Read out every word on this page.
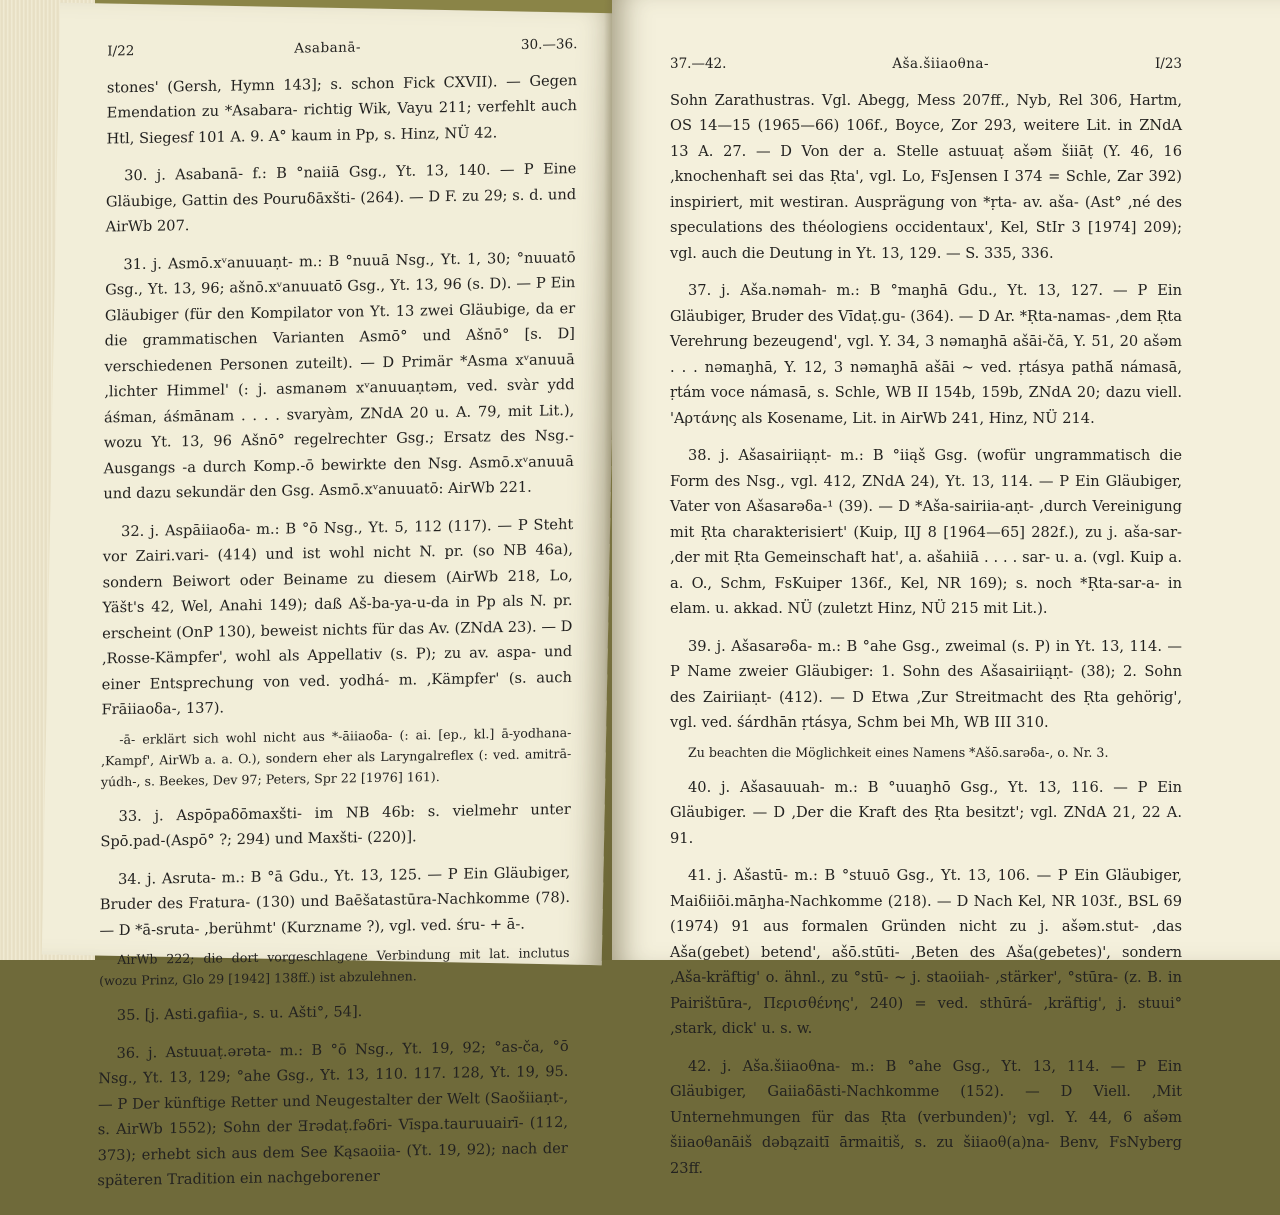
I/22	Asabanā-	30.—36.

stones' (Gersh, Hymn 143]; s. schon Fick CXVII). — Gegen Emendation zu *Asabara- richtig Wik, Vayu 211; verfehlt auch Htl, Siegesf 101 A. 9. A° kaum in Pp, s. Hinz, NÜ 42.

30. j. Asabanā- f.: B °naiiā Gsg., Yt. 13, 140. — P Eine Gläubige, Gattin des Pouruδāxšti- (264). — D F. zu 29; s. d. und AirWb 207.

31. j. Asmō.xᵛanuuaṇt- m.: B °nuuā Nsg., Yt. 1, 30; °nuuatō Gsg., Yt. 13, 96; ašnō.xᵛanuuatō Gsg., Yt. 13, 96 (s. D). — P Ein Gläubiger (für den Kompilator von Yt. 13 zwei Gläubige, da er die grammatischen Varianten Asmō° und Ašnō° [s. D] verschiedenen Personen zuteilt). — D Primär *Asma xᵛanuuā ‚lichter Himmel' (: j. asmanəm xᵛanuuaṇtəm, ved. svàr ydd áśman, áśmānam . . . . svaryàm, ZNdA 20 u. A. 79, mit Lit.), wozu Yt. 13, 96 Ašnō° regelrechter Gsg.; Ersatz des Nsg.-Ausgangs -a durch Komp.-ō bewirkte den Nsg. Asmō.xᵛanuuā und dazu sekundär den Gsg. Asmō.xᵛanuuatō: AirWb 221.

32. j. Aspāiiaoδa- m.: B °ō Nsg., Yt. 5, 112 (117). — P Steht vor Zairi.vari- (414) und ist wohl nicht N. pr. (so NB 46a), sondern Beiwort oder Beiname zu diesem (AirWb 218, Lo, Yäšt's 42, Wel, Anahi 149); daß Aš-ba-ya-u-da in Pp als N. pr. erscheint (OnP 130), beweist nichts für das Av. (ZNdA 23). — D ‚Rosse-Kämpfer', wohl als Appellativ (s. P); zu av. aspa- und einer Entsprechung von ved. yodhá- m. ‚Kämpfer' (s. auch Frāiiaoδa-, 137).

-ā- erklärt sich wohl nicht aus *-āiiaoδa- (: ai. [ep., kl.] ā-yodhana- ‚Kampf', AirWb a. a. O.), sondern eher als Laryngalreflex (: ved. amitrā-yúdh-, s. Beekes, Dev 97; Peters, Spr 22 [1976] 161).

33. j. Aspōpaδōmaxšti- im NB 46b: s. vielmehr unter Spō.pad-(Aspō° ?; 294) und Maxšti- (220)].

34. j. Asruta- m.: B °ā Gdu., Yt. 13, 125. — P Ein Gläubiger, Bruder des Fratura- (130) und Baēšatastūra-Nachkomme (78). — D *ā-sruta- ‚berühmt' (Kurzname ?), vgl. ved. śru- + ā-.

AirWb 222; die dort vorgeschlagene Verbindung mit lat. inclutus (wozu Prinz, Glo 29 [1942] 138ff.) ist abzulehnen.

35. [j. Asti.gafiia-, s. u. Ašti°, 54].

36. j. Astuuaṭ.ərəta- m.: B °ō Nsg., Yt. 19, 92; °as-ča, °ō Nsg., Yt. 13, 129; °ahe Gsg., Yt. 13, 110. 117. 128, Yt. 19, 95. — P Der künftige Retter und Neugestalter der Welt (Saošiiaṇt-, s. AirWb 1552); Sohn der Ǝrədaṭ.fəδri- Vīspa.tauruuairī- (112, 373); erhebt sich aus dem See Kąsaoiia- (Yt. 19, 92); nach der späteren Tradition ein nachgeborener

37.—42.	Aša.šiiaoθna-	I/23

Sohn Zarathustras. Vgl. Abegg, Mess 207ff., Nyb, Rel 306, Hartm, OS 14—15 (1965—66) 106f., Boyce, Zor 293, weitere Lit. in ZNdA 13 A. 27. — D Von der a. Stelle astuuaṭ ašəm šiiāṭ (Y. 46, 16 ‚knochenhaft sei das Ṛta', vgl. Lo, FsJensen I 374 = Schle, Zar 392) inspiriert, mit westiran. Ausprägung von *ṛta- av. aša- (Ast° ‚né des speculations des théologiens occidentaux', Kel, StIr 3 [1974] 209); vgl. auch die Deutung in Yt. 13, 129. — S. 335, 336.

37. j. Aša.nəmah- m.: B °maŋhā Gdu., Yt. 13, 127. — P Ein Gläubiger, Bruder des Vīdaṭ.gu- (364). — D Ar. *Ṛta-namas- ‚dem Ṛta Verehrung bezeugend', vgl. Y. 34, 3 nəmaŋhā ašāi-čā, Y. 51, 20 ašəm . . . nəmaŋhā, Y. 12, 3 nəmaŋhā ašāi ~ ved. ṛtásya pathā́ námasā, ṛtám voce námasā, s. Schle, WB II 154b, 159b, ZNdA 20; dazu viell. 'Αρτάνης als Kosename, Lit. in AirWb 241, Hinz, NÜ 214.

38. j. Ašasairiiąṇt- m.: B °iiąš Gsg. (wofür ungrammatisch die Form des Nsg., vgl. 412, ZNdA 24), Yt. 13, 114. — P Ein Gläubiger, Vater von Ašasarəδa-¹ (39). — D *Aša-sairiia-aṇt- ‚durch Vereinigung mit Ṛta charakterisiert' (Kuip, IIJ 8 [1964—65] 282f.), zu j. aša-sar- ‚der mit Ṛta Gemeinschaft hat', a. ašahiiā . . . . sar- u. a. (vgl. Kuip a. a. O., Schm, FsKuiper 136f., Kel, NR 169); s. noch *Ṛta-sar-a- in elam. u. akkad. NÜ (zuletzt Hinz, NÜ 215 mit Lit.).

39. j. Ašasarəδa- m.: B °ahe Gsg., zweimal (s. P) in Yt. 13, 114. — P Name zweier Gläubiger: 1. Sohn des Ašasairiiąṇt- (38); 2. Sohn des Zairiiaṇt- (412). — D Etwa ‚Zur Streitmacht des Ṛta gehörig', vgl. ved. śárdhān ṛtásya, Schm bei Mh, WB III 310.

Zu beachten die Möglichkeit eines Namens *Ašō.sarəδa-, o. Nr. 3.

40. j. Ašasauuah- m.: B °uuaŋhō Gsg., Yt. 13, 116. — P Ein Gläubiger. — D ‚Der die Kraft des Ṛta besitzt'; vgl. ZNdA 21, 22 A. 91.

41. j. Ašastū- m.: B °stuuō Gsg., Yt. 13, 106. — P Ein Gläubiger, Maiδiiōi.māŋha-Nachkomme (218). — D Nach Kel, NR 103f., BSL 69 (1974) 91 aus formalen Gründen nicht zu j. ašəm.stut- ‚das Aša(gebet) betend', ašō.stūti- ‚Beten des Aša(gebetes)', sondern ‚Aša-kräftig' o. ähnl., zu °stū- ~ j. staoiiah- ‚stärker', °stūra- (z. B. in Pairištūra-, Περισθένης', 240) = ved. sthūrá- ‚kräftig', j. stuui° ‚stark, dick' u. s. w.

42. j. Aša.šiiaoθna- m.: B °ahe Gsg., Yt. 13, 114. — P Ein Gläubiger, Gaiiaδāsti-Nachkomme (152). — D Viell. ‚Mit Unternehmungen für das Ṛta (verbunden)'; vgl. Y. 44, 6 ašəm šiiaoθanāiš dəbązaitī ārmaitiš, s. zu šiiaoθ(a)na- Benv, FsNyberg 23ff.
